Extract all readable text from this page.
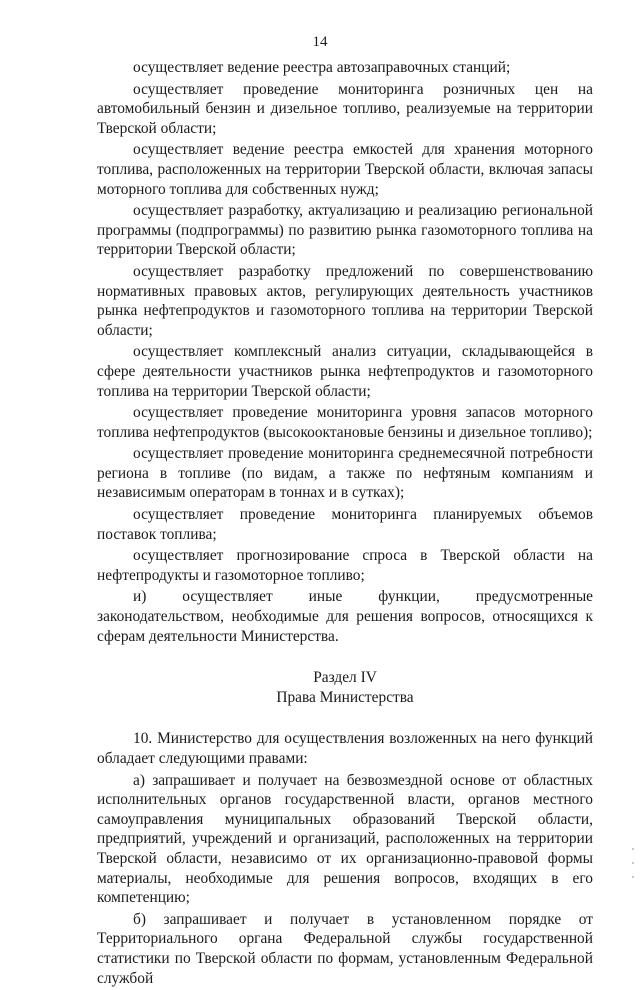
14

осуществляет ведение реестра автозаправочных станций;

осуществляет проведение мониторинга розничных цен на автомобильный бензин и дизельное топливо, реализуемые на территории Тверской области;

осуществляет ведение реестра емкостей для хранения моторного топлива, расположенных на территории Тверской области, включая запасы моторного топлива для собственных нужд;

осуществляет разработку, актуализацию и реализацию региональной программы (подпрограммы) по развитию рынка газомоторного топлива на территории Тверской области;

осуществляет разработку предложений по совершенствованию нормативных правовых актов, регулирующих деятельность участников рынка нефтепродуктов и газомоторного топлива на территории Тверской области;

осуществляет комплексный анализ ситуации, складывающейся в сфере деятельности участников рынка нефтепродуктов и газомоторного топлива на территории Тверской области;

осуществляет проведение мониторинга уровня запасов моторного топлива нефтепродуктов (высокооктановые бензины и дизельное топливо);

осуществляет проведение мониторинга среднемесячной потребности региона в топливе (по видам, а также по нефтяным компаниям и независимым операторам в тоннах и в сутках);

осуществляет проведение мониторинга планируемых объемов поставок топлива;

осуществляет прогнозирование спроса в Тверской области на нефтепродукты и газомоторное топливо;

и) осуществляет иные функции, предусмотренные законодательством, необходимые для решения вопросов, относящихся к сферам деятельности Министерства.

Раздел IV

Права Министерства

10. Министерство для осуществления возложенных на него функций обладает следующими правами:

а) запрашивает и получает на безвозмездной основе от областных исполнительных органов государственной власти, органов местного самоуправления муниципальных образований Тверской области, предприятий, учреждений и организаций, расположенных на территории Тверской области, независимо от их организационно-правовой формы материалы, необходимые для решения вопросов, входящих в его компетенцию;

б) запрашивает и получает в установленном порядке от Территориального органа Федеральной службы государственной статистики по Тверской области по формам, установленным Федеральной службой
